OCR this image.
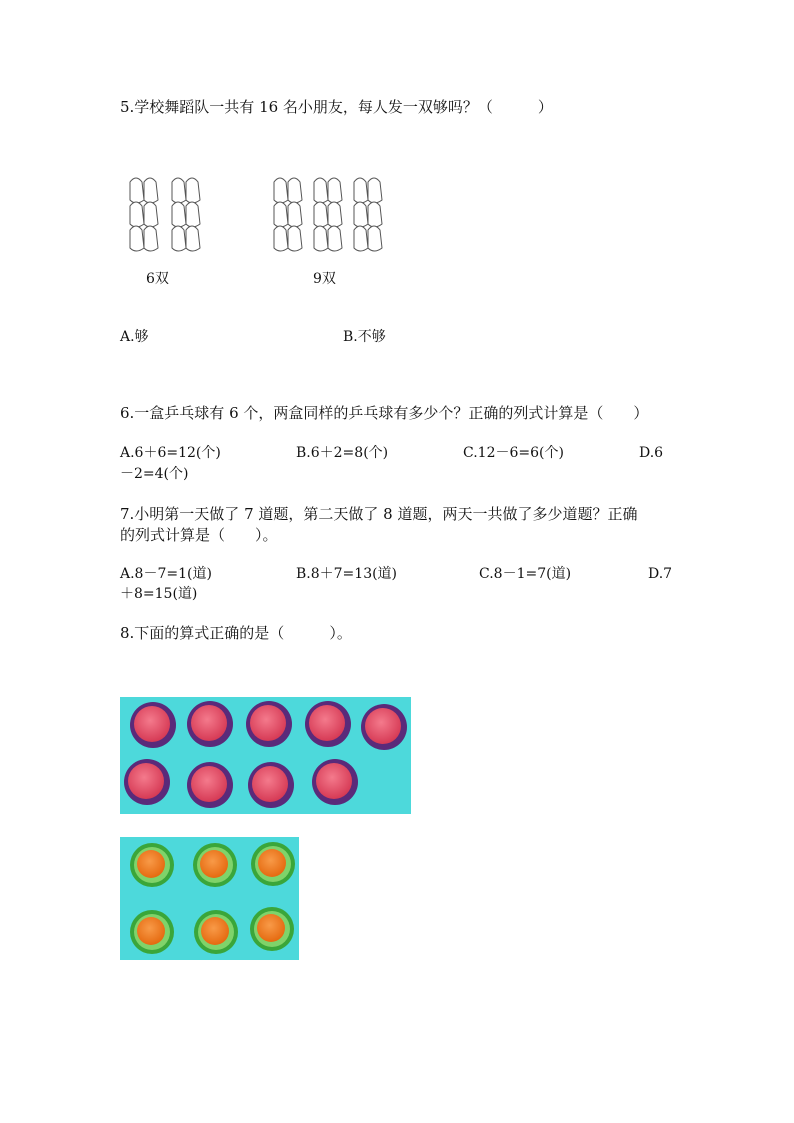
5.学校舞蹈队一共有 16 名小朋友，每人发一双够吗？（　　　）
6双	9双
A.够	B.不够
6.一盒乒乓球有 6 个，两盒同样的乒乓球有多少个？正确的列式计算是（　　）
A.6＋6=12(个)	B.6＋2=8(个)	C.12－6=6(个)	D.6
－2=4(个)
7.小明第一天做了 7 道题，第二天做了 8 道题，两天一共做了多少道题？正确
的列式计算是（　　）。
A.8－7=1(道)	B.8＋7=13(道)	C.8－1=7(道)	D.7
＋8=15(道)
8.下面的算式正确的是（　　　）。
